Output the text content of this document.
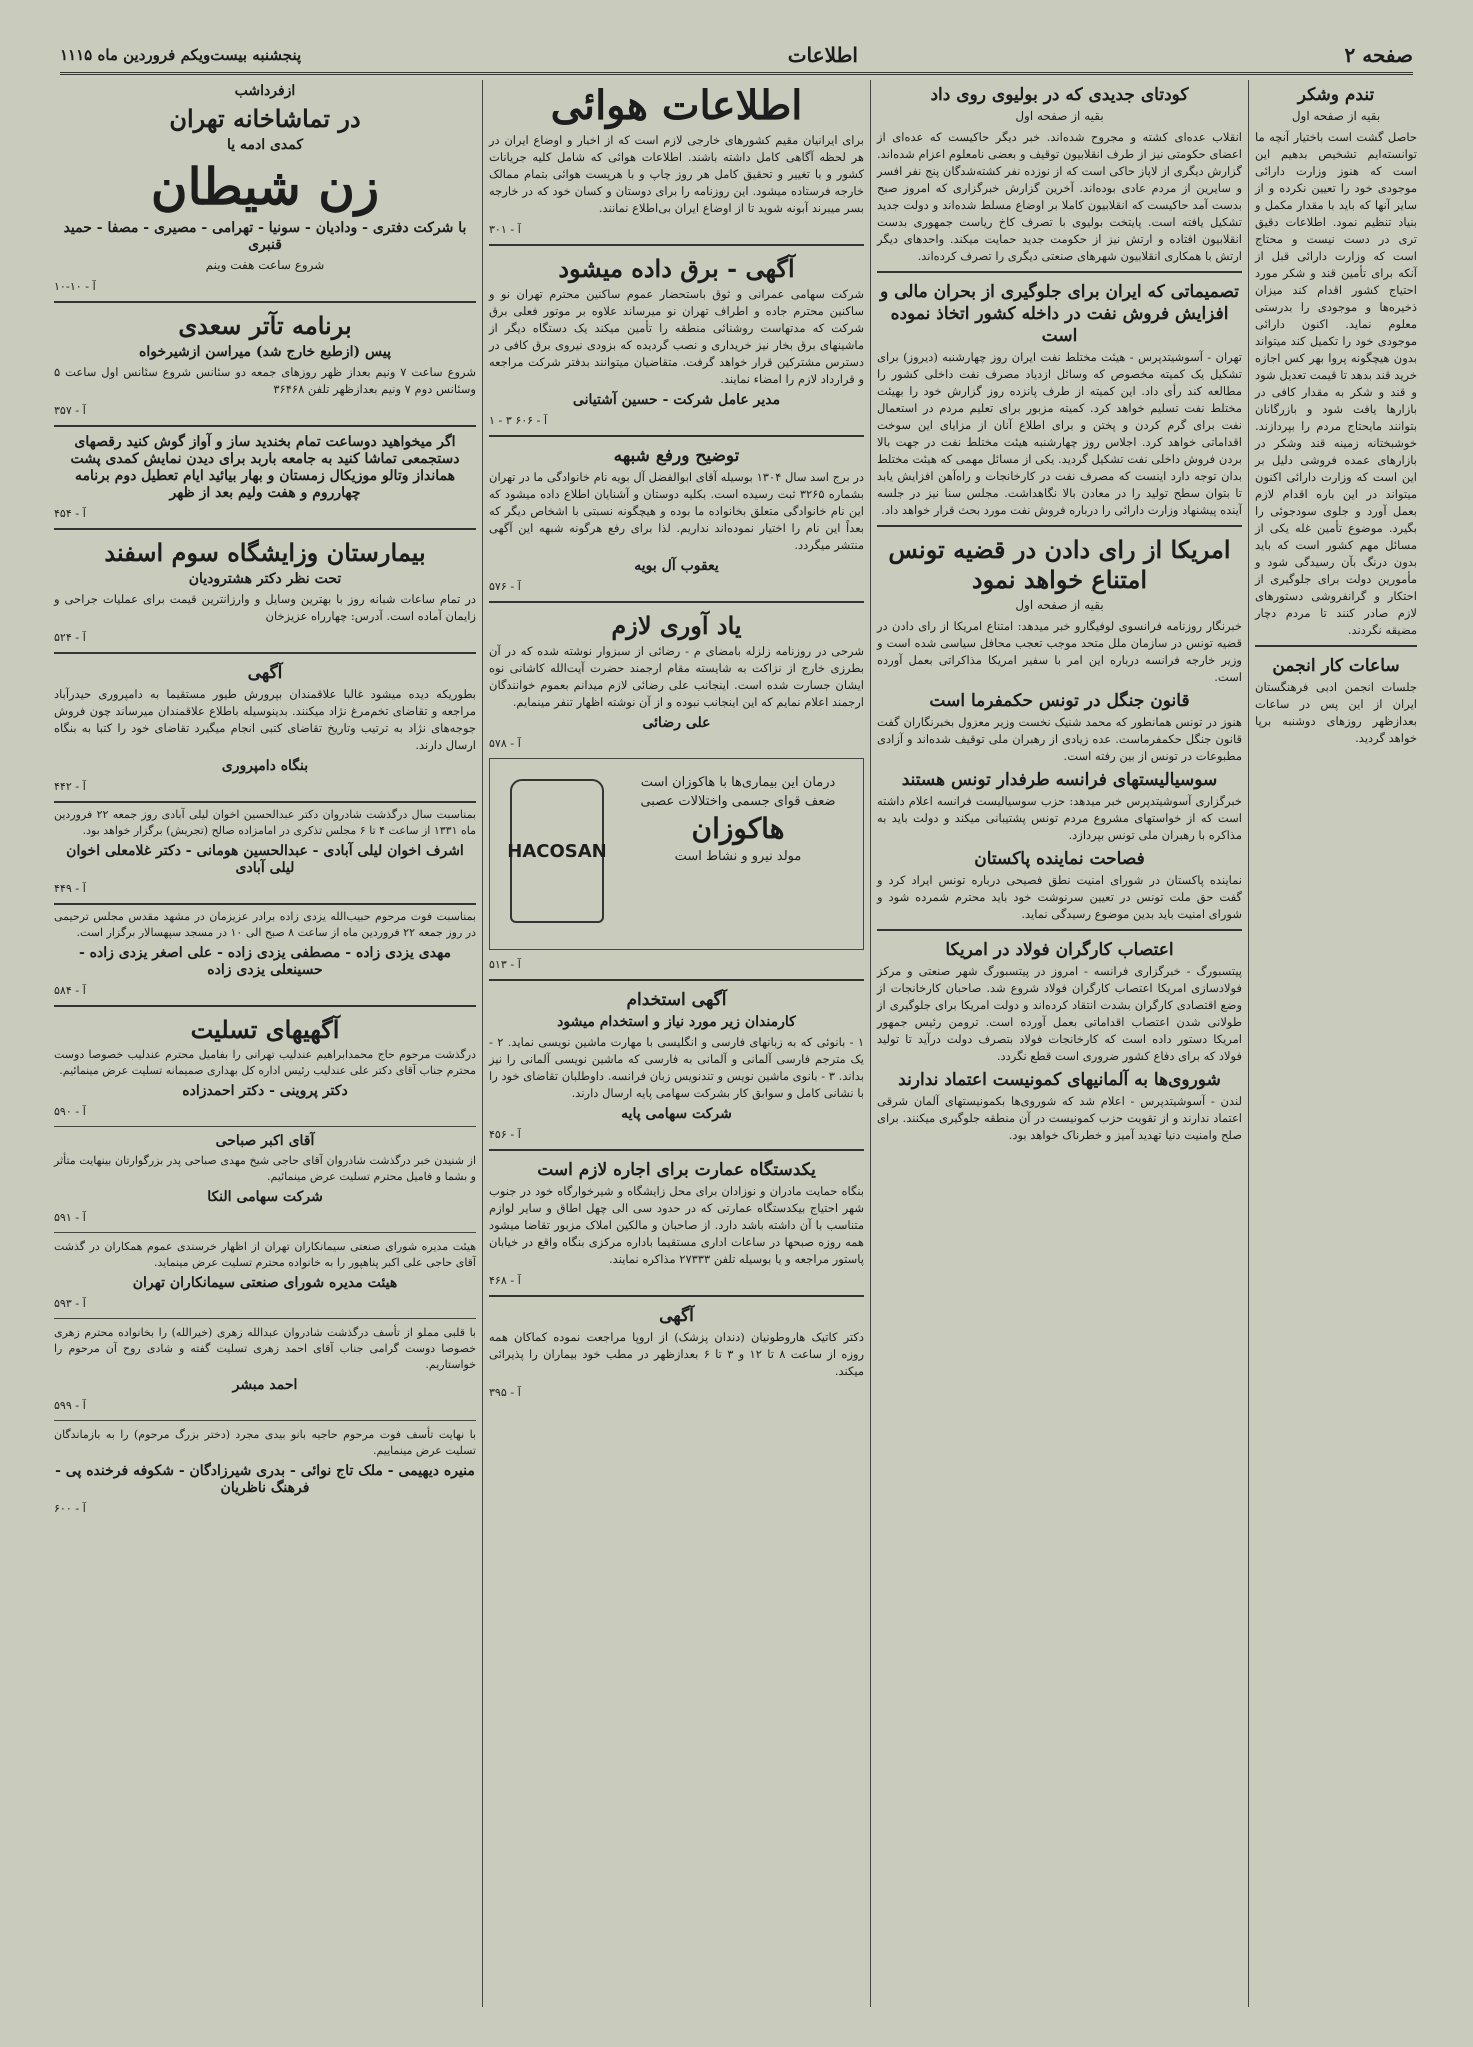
صفحه ۲
اطلاعات
پنجشنبه بیست‌ویکم فروردین ماه ۱۱۱۵
تندم وشکر
بقیه از صفحه اول

حاصل گشت است باختیار آنچه ما توانسته‌ایم تشخیص بدهیم این است که هنوز وزارت دارائی موجودی خود را تعیین نکرده و از سایر آنها که باید با مقدار مکمل و بنیاد تنظیم نمود. اطلاعات دقیق تری در دست نیست و محتاج است که وزارت دارائی قبل از آنکه برای تأمین قند و شکر مورد احتیاج کشور اقدام کند میزان ذخیره‌ها و موجودی را بدرستی معلوم نماید. اکنون دارائی موجودی خود را تکمیل کند میتواند بدون هیچگونه پروا بهر کس اجازه خرید قند بدهد تا قیمت تعدیل شود و قند و شکر به مقدار کافی در بازارها یافت شود و بازرگانان بتوانند مایحتاج مردم را بپردازند. خوشبختانه زمینه قند وشکر در بازارهای عمده فروشی دلیل بر این است که وزارت دارائی اکنون میتواند در این باره اقدام لازم بعمل آورد و جلوی سودجوئی را بگیرد. موضوع تأمین غله یکی از مسائل مهم کشور است که باید بدون درنگ بآن رسیدگی شود و مأمورین دولت برای جلوگیری از احتکار و گرانفروشی دستورهای لازم صادر کنند تا مردم دچار مضیقه نگردند.

ساعات کار انجمن

جلسات انجمن ادبی فرهنگستان ایران از این پس در ساعات بعدازظهر روزهای دوشنبه برپا خواهد گردید.

کودتای جدیدی که در بولیوی روی داد
بقیه از صفحه اول

انقلاب عده‌ای کشته و مجروح شده‌اند. خبر دیگر حاکیست که عده‌ای از اعضای حکومتی نیز از طرف انقلابیون توقیف و بعضی نامعلوم اعزام شده‌اند. گزارش دیگری از لاپاز حاکی است که از نوزده نفر کشته‌شدگان پنج نفر افسر و سایرین از مردم عادی بوده‌اند. آخرین گزارش خبرگزاری که امروز صبح بدست آمد حاکیست که انقلابیون کاملا بر اوضاع مسلط شده‌اند و دولت جدید تشکیل یافته است. پایتخت بولیوی با تصرف کاخ ریاست جمهوری بدست انقلابیون افتاده و ارتش نیز از حکومت جدید حمایت میکند. واحدهای دیگر ارتش با همکاری انقلابیون شهرهای صنعتی دیگری را تصرف کرده‌اند.

تصمیماتی که ایران برای جلوگیری از بحران مالی و افزایش فروش نفت در داخله کشور اتخاذ نموده است

تهران - آسوشیتدپرس - هیئت مختلط نفت ایران روز چهارشنبه (دیروز) برای تشکیل یک کمیته مخصوص که وسائل ازدیاد مصرف نفت داخلی کشور را مطالعه کند رأی داد. این کمیته از طرف پانزده روز گزارش خود را بهیئت مختلط نفت تسلیم خواهد کرد. کمیته مزبور برای تعلیم مردم در استعمال نفت برای گرم کردن و پختن و برای اطلاع آنان از مزایای این سوخت اقداماتی خواهد کرد. اجلاس روز چهارشنبه هیئت مختلط نفت در جهت بالا بردن فروش داخلی نفت تشکیل گردید. یکی از مسائل مهمی که هیئت مختلط بدان توجه دارد اینست که مصرف نفت در کارخانجات و راه‌آهن افزایش یابد تا بتوان سطح تولید را در معادن بالا نگاهداشت. مجلس سنا نیز در جلسه آینده پیشنهاد وزارت دارائی را درباره فروش نفت مورد بحث قرار خواهد داد.

امریکا از رای دادن در قضیه تونس امتناع خواهد نمود
بقیه از صفحه اول

خبرنگار روزنامه فرانسوی لوفیگارو خبر میدهد: امتناع امریکا از رای دادن در قضیه تونس در سازمان ملل متحد موجب تعجب محافل سیاسی شده است و وزیر خارجه فرانسه درباره این امر با سفیر امریکا مذاکراتی بعمل آورده است.

قانون جنگل در تونس حکمفرما است

هنوز در تونس همانطور که محمد شنیک نخست وزیر معزول بخبرنگاران گفت قانون جنگل حکمفرماست. عده زیادی از رهبران ملی توقیف شده‌اند و آزادی مطبوعات در تونس از بین رفته است.

سوسیالیستهای فرانسه طرفدار تونس هستند

خبرگزاری آسوشیتدپرس خبر میدهد: حزب سوسیالیست فرانسه اعلام داشته است که از خواستهای مشروع مردم تونس پشتیبانی میکند و دولت باید به مذاکره با رهبران ملی تونس بپردازد.

فصاحت نماینده پاکستان

نماینده پاکستان در شورای امنیت نطق فصیحی درباره تونس ایراد کرد و گفت حق ملت تونس در تعیین سرنوشت خود باید محترم شمرده شود و شورای امنیت باید بدین موضوع رسیدگی نماید.

اعتصاب کارگران فولاد در امریکا

پیتسبورگ - خبرگزاری فرانسه - امروز در پیتسبورگ شهر صنعتی و مرکز فولادسازی امریکا اعتصاب کارگران فولاد شروع شد. صاحبان کارخانجات از وضع اقتصادی کارگران بشدت انتقاد کرده‌اند و دولت امریکا برای جلوگیری از طولانی شدن اعتصاب اقداماتی بعمل آورده است. ترومن رئیس جمهور امریکا دستور داده است که کارخانجات فولاد بتصرف دولت درآید تا تولید فولاد که برای دفاع کشور ضروری است قطع نگردد.

شوروی‌ها به آلمانیهای کمونیست اعتماد ندارند

لندن - آسوشیتدپرس - اعلام شد که شوروی‌ها بکمونیستهای آلمان شرقی اعتماد ندارند و از تقویت حزب کمونیست در آن منطقه جلوگیری میکنند. برای صلح وامنیت دنیا تهدید آمیز و خطرناک خواهد بود.

اطلاعات هوائی

برای ایرانیان مقیم کشورهای خارجی لازم است که از اخبار و اوضاع ایران در هر لحظه آگاهی کامل داشته باشند. اطلاعات هوائی که شامل کلیه جریانات کشور و با تغییر و تحقیق کامل هر روز چاپ و با هرپست هوائی بتمام ممالک خارجه فرستاده میشود. این روزنامه را برای دوستان و کسان خود که در خارجه بسر میبرند آبونه شوید تا از اوضاع ایران بی‌اطلاع نمانند.

آ - ۳۰۱
آگهی - برق داده میشود

شرکت سهامی عمرانی و ثوق باستحضار عموم ساکنین محترم تهران نو و ساکنین محترم جاده و اطراف تهران نو میرساند علاوه بر موتور فعلی برق شرکت که مدتهاست روشنائی منطقه را تأمین میکند یک دستگاه دیگر از ماشینهای برق بخار نیز خریداری و نصب گردیده که بزودی نیروی برق کافی در دسترس مشترکین قرار خواهد گرفت. متقاضیان میتوانند بدفتر شرکت مراجعه و قرارداد لازم را امضاء نمایند.

مدیر عامل شرکت - حسین آشتیانی
آ - ۶۰۶ ۳ - ۱
توضیح ورفع شبهه

در برج اسد سال ۱۳۰۴ بوسیله آقای ابوالفضل آل بویه نام خانوادگی ما در تهران بشماره ۳۲۶۵ ثبت رسیده است. بکلیه دوستان و آشنایان اطلاع داده میشود که این نام خانوادگی متعلق بخانواده ما بوده و هیچگونه نسبتی با اشخاص دیگر که بعداً این نام را اختیار نموده‌اند نداریم. لذا برای رفع هرگونه شبهه این آگهی منتشر میگردد.

یعقوب آل بویه
آ - ۵۷۶
یاد آوری لازم

شرحی در روزنامه زلزله بامضای م - رضائی از سبزوار نوشته شده که در آن بطرزی خارج از نزاکت به شایسته مقام ارجمند حضرت آیت‌الله کاشانی نوه ایشان جسارت شده است. اینجانب علی رضائی لازم میدانم بعموم خوانندگان ارجمند اعلام نمایم که این اینجانب نبوده و از آن نوشته اظهار تنفر مینمایم.

علی رضائی
آ - ۵۷۸
HACOSAN
درمان این بیماری‌ها با هاکوزان است
ضعف قوای جسمی واختلالات عصبی
هاکوزان
مولد نیرو و نشاط است
آ - ۵۱۳
آگهی استخدام
کارمندان زیر مورد نیاز و استخدام میشود

۱ - بانوئی که به زبانهای فارسی و انگلیسی با مهارت ماشین نویسی نماید. ۲ - یک مترجم فارسی آلمانی و آلمانی به فارسی که ماشین نویسی آلمانی را نیز بداند. ۳ - بانوی ماشین نویس و تندنویس زبان فرانسه. داوطلبان تقاضای خود را با نشانی کامل و سوابق کار بشرکت سهامی پایه ارسال دارند.

شرکت سهامی پایه
آ - ۴۵۶
یکدستگاه عمارت برای اجاره لازم است

بنگاه حمایت مادران و نوزادان برای محل زایشگاه و شیرخوارگاه خود در جنوب شهر احتیاج بیکدستگاه عمارتی که در حدود سی الی چهل اطاق و سایر لوازم متناسب با آن داشته باشد دارد. از صاحبان و مالکین املاک مزبور تقاضا میشود همه روزه صبحها در ساعات اداری مستقیما باداره مرکزی بنگاه واقع در خیابان پاستور مراجعه و یا بوسیله تلفن ۲۷۳۳۳ مذاکره نمایند.

آ - ۴۶۸
آگهی

دکتر کاتیک هاروطونیان (دندان پزشک) از اروپا مراجعت نموده کماکان همه روزه از ساعت ۸ تا ۱۲ و ۳ تا ۶ بعدازظهر در مطب خود بیماران را پذیرائی میکند.

آ - ۳۹۵
ازفرداشب
در تماشاخانه تهران
کمدی ادمه یا
زن شیطان
با شرکت دفتری - ودادیان - سونیا - تهرامی - مصیری - مصفا - حمید قنبری
شروع ساعت هفت وینم
آ - ۱۰-۱۰
برنامه تآتر سعدی
پیس (ازطبع خارج شد) میراسن ازشیرخواه

شروع ساعت ۷ ونیم بعداز ظهر روزهای جمعه دو سئانس شروع سئانس اول ساعت ۵ وسئانس دوم ۷ ونیم بعدازظهر تلفن ۳۶۴۶۸

آ - ۳۵۷

اگر میخواهید دوساعت تمام بخندید ساز و آواز گوش کنید رقصهای دستجمعی تماشا کنید به جامعه باربد برای دیدن نمایش کمدی پشت همانداز وتالو موزیکال زمستان و بهار بیائید ایام تعطیل دوم برنامه چهارروم و هفت ولیم بعد از ظهر

آ - ۴۵۴
بیمارستان وزایشگاه سوم اسفند
تحت نظر دکتر هشترودیان

در تمام ساعات شبانه روز با بهترین وسایل و وارزانترین قیمت برای عملیات جراحی و زایمان آماده است. آدرس: چهارراه عزیزخان

آ - ۵۲۴
آگهی

بطوریکه دیده میشود غالبا علاقمندان بپرورش طیور مستقیما به دامپروری حیدرآباد مراجعه و تقاضای تخم‌مرغ نژاد میکنند. بدینوسیله باطلاع علاقمندان میرساند چون فروش جوجه‌های نژاد به ترتیب وتاریخ تقاضای کتبی انجام میگیرد تقاضای خود را کتبا به بنگاه ارسال دارند.

بنگاه دامپروری
آ - ۴۴۲

بمناسبت سال درگذشت شادروان دکتر عبدالحسین اخوان لیلی آبادی روز جمعه ۲۲ فروردین ماه ۱۳۳۱ از ساعت ۴ تا ۶ مجلس تذکری در امامزاده صالح (تجریش) برگزار خواهد بود.

اشرف اخوان لیلی آبادی - عبدالحسین هومانی - دکتر غلامعلی اخوان لیلی آبادی
آ - ۴۴۹

بمناسبت فوت مرحوم حبیب‌الله یزدی زاده برادر عزیزمان در مشهد مقدس مجلس ترحیمی در روز جمعه ۲۲ فروردین ماه از ساعت ۸ صبح الی ۱۰ در مسجد سپهسالار برگزار است.

مهدی یزدی زاده - مصطفی یزدی زاده - علی اصغر یزدی زاده - حسینعلی یزدی زاده
آ - ۵۸۴
آگهیهای تسلیت

درگذشت مرحوم حاج محمدابراهیم عندلیب تهرانی را بفامیل محترم عندلیب خصوصا دوست محترم جناب آقای دکتر علی عندلیب رئیس اداره کل بهداری صمیمانه تسلیت عرض مینمائیم.

دکتر پروینی - دکتر احمدزاده
آ - ۵۹۰
آقای اکبر صباحی

از شنیدن خبر درگذشت شادروان آقای حاجی شیخ مهدی صباحی پدر بزرگوارتان بینهایت متأثر و بشما و فامیل محترم تسلیت عرض مینمائیم.

شرکت سهامی النکا
آ - ۵۹۱

هیئت مدیره شورای صنعتی سیمانکاران تهران از اظهار خرسندی عموم همکاران در گذشت آقای حاجی علی اکبر پناهپور را به خانواده محترم تسلیت عرض مینماید.

هیئت مدیره شورای صنعتی سیمانکاران تهران
آ - ۵۹۳

با قلبی مملو از تأسف درگذشت شادروان عبدالله زهری (خیرالله) را بخانواده محترم زهری خصوصا دوست گرامی جناب آقای احمد زهری تسلیت گفته و شادی روح آن مرحوم را خواستاریم.

احمد مبشر
آ - ۵۹۹

با نهایت تأسف فوت مرحوم حاجیه بانو بیدی مجرد (دختر بزرگ مرحوم) را به بازماندگان تسلیت عرض مینماییم.

منیره دیهیمی - ملک تاج نوائی - بدری شیرزادگان - شکوفه فرخنده پی - فرهنگ ناظریان
آ - ۶۰۰
